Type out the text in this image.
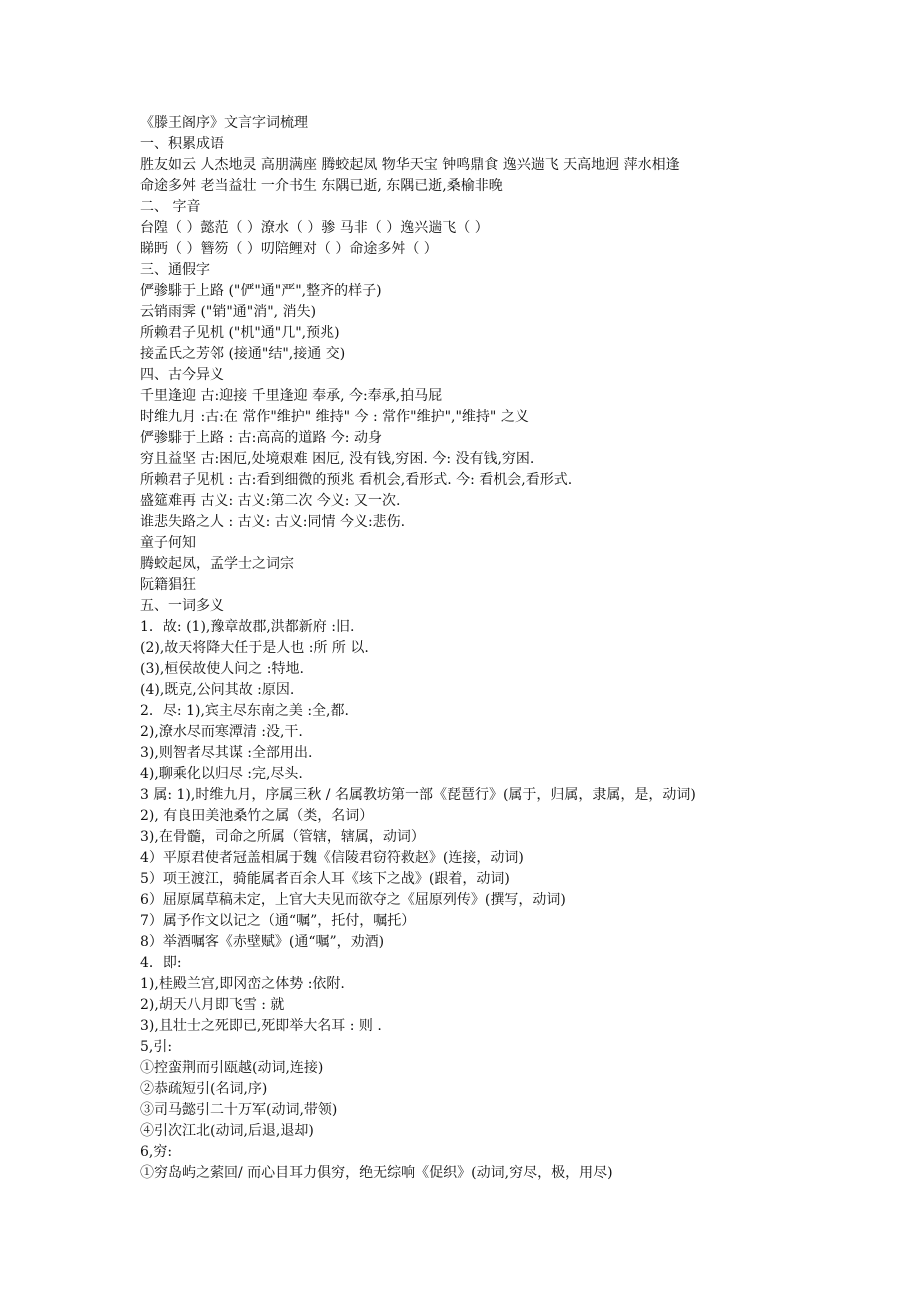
《滕王阁序》文言字词梳理
一、积累成语
胜友如云 人杰地灵 高朋满座 腾蛟起凤 物华天宝 钟鸣鼎食 逸兴遄飞 天高地迥 萍水相逢
命途多舛 老当益壮 一介书生 东隅已逝, 东隅已逝,桑榆非晚
二、 字音
台隍（ ）懿范（ ）潦水（ ）骖 马非（ ）逸兴遄飞（ ）
睇眄（ ）簪笏（ ）叨陪鲤对（ ）命途多舛（ ）
三、通假字
俨骖騑于上路 ("俨"通"严",整齐的样子)
云销雨霁 ("销"通"消", 消失)
所赖君子见机 ("机"通"几",预兆)
接孟氏之芳邻 (接通"结",接通 交)
四、古今异义
千里逢迎 古:迎接 千里逢迎 奉承, 今:奉承,拍马屁
时维九月 :古:在 常作"维护" 维持" 今 : 常作"维护","维持" 之义
俨骖騑于上路 : 古:高高的道路 今: 动身
穷且益坚 古:困厄,处境艰难 困厄, 没有钱,穷困. 今: 没有钱,穷困.
所赖君子见机 : 古:看到细微的预兆 看机会,看形式. 今: 看机会,看形式.
盛筵难再 古义: 古义:第二次 今义: 又一次.
谁悲失路之人 : 古义: 古义:同情 今义:悲伤.
童子何知
腾蛟起凤，孟学士之词宗
阮籍猖狂
五、一词多义
1．故: (1),豫章故郡,洪都新府 :旧.
(2),故天将降大任于是人也 :所 所 以.
(3),桓侯故使人问之 :特地.
(4),既克,公问其故 :原因.
2．尽: 1),宾主尽东南之美 :全,都.
2),潦水尽而寒潭清 :没,干.
3),则智者尽其谋 :全部用出.
4),聊乘化以归尽 :完,尽头.
3 属: 1),时维九月，序属三秋 / 名属教坊第一部《琵琶行》(属于，归属，隶属，是，动词)
2), 有良田美池桑竹之属（类，名词）
3),在骨髓，司命之所属（管辖，辖属，动词）
4）平原君使者冠盖相属于魏《信陵君窃符救赵》(连接，动词)
5）项王渡江，骑能属者百余人耳《垓下之战》(跟着，动词)
6）屈原属草稿未定，上官大夫见而欲夺之《屈原列传》(撰写，动词)
7）属予作文以记之（通“嘱”，托付，嘱托）
8）举酒嘱客《赤壁赋》(通“嘱”，劝酒)
4．即:
1),桂殿兰宫,即冈峦之体势 :依附.
2),胡天八月即飞雪 : 就
3),且壮士之死即已,死即举大名耳 : 则 .
5,引:
①控蛮荆而引瓯越(动词,连接)
②恭疏短引(名词,序)
③司马懿引二十万军(动词,带领)
④引次江北(动词,后退,退却)
6,穷:
①穷岛屿之萦回/ 而心目耳力俱穷，绝无综响《促织》(动词,穷尽，极，用尽)
